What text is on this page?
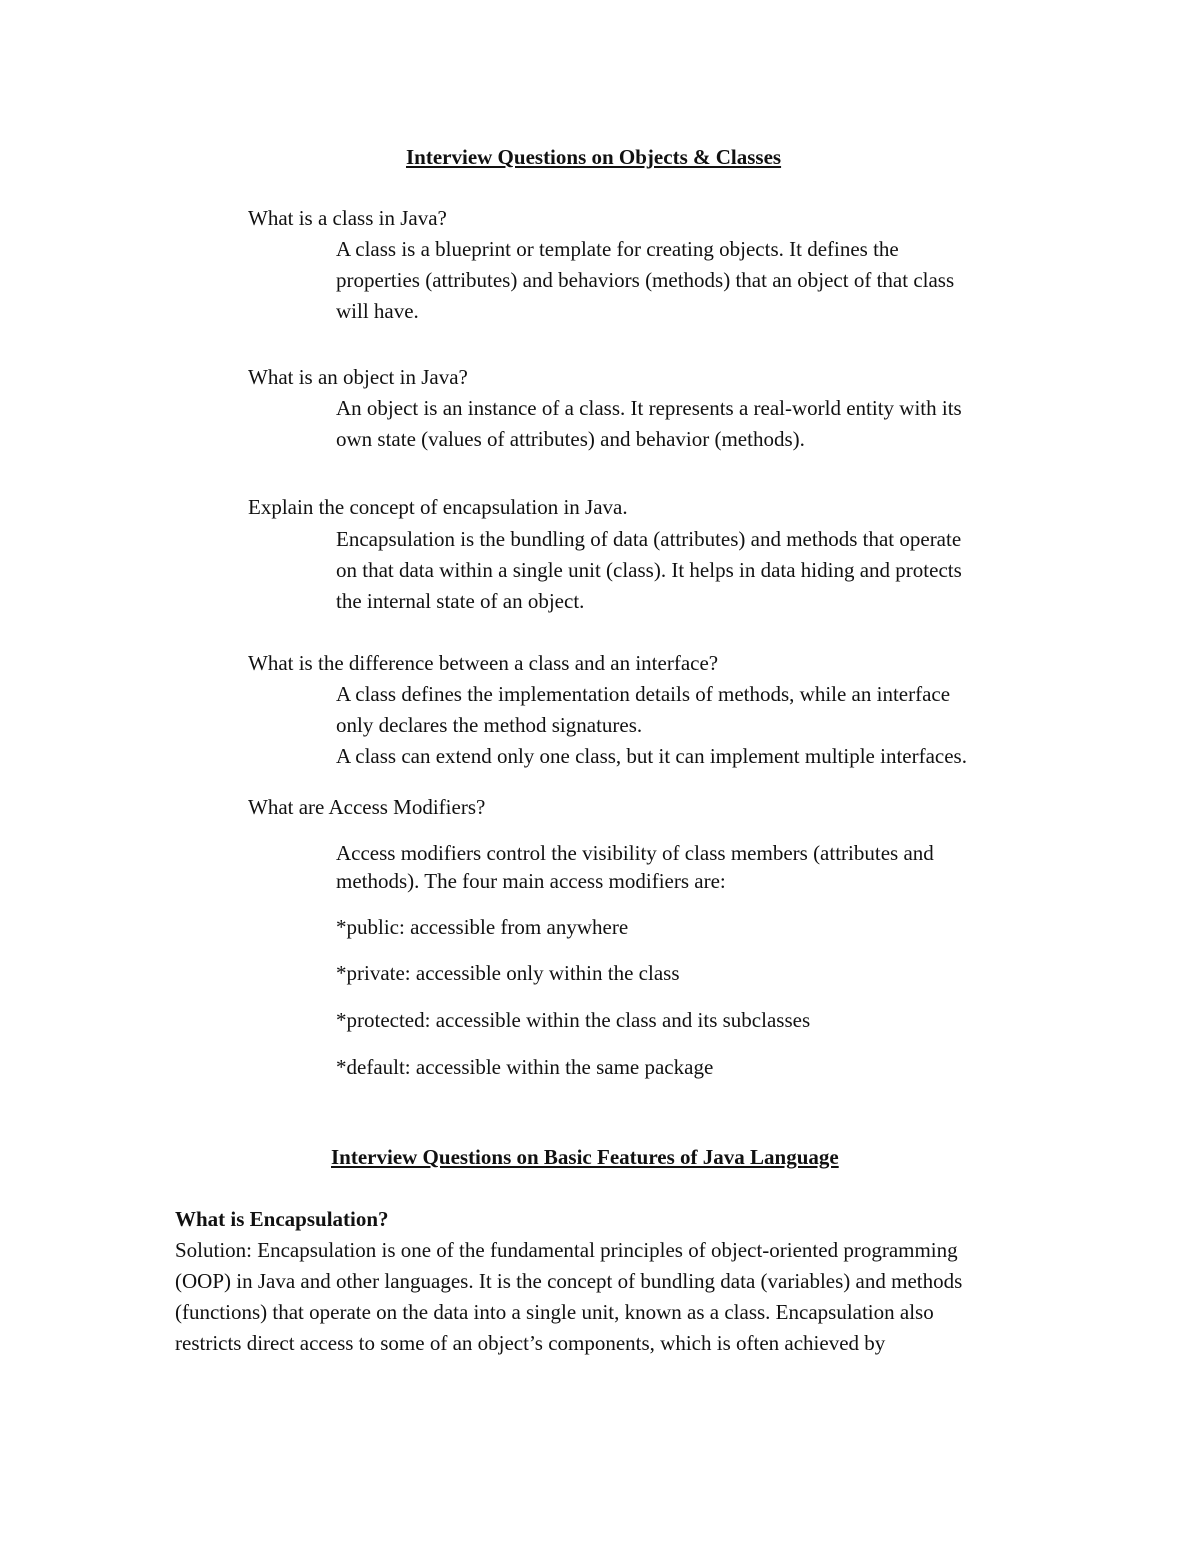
Interview Questions on Objects & Classes
What is a class in Java?
A class is a blueprint or template for creating objects. It defines the
properties (attributes) and behaviors (methods) that an object of that class
will have.
What is an object in Java?
An object is an instance of a class. It represents a real-world entity with its
own state (values of attributes) and behavior (methods).
Explain the concept of encapsulation in Java.
Encapsulation is the bundling of data (attributes) and methods that operate
on that data within a single unit (class). It helps in data hiding and protects
the internal state of an object.
What is the difference between a class and an interface?
A class defines the implementation details of methods, while an interface
only declares the method signatures.
A class can extend only one class, but it can implement multiple interfaces.
What are Access Modifiers?
Access modifiers control the visibility of class members (attributes and
methods). The four main access modifiers are:
*public: accessible from anywhere
*private: accessible only within the class
*protected: accessible within the class and its subclasses
*default: accessible within the same package
Interview Questions on Basic Features of Java Language
What is Encapsulation?
Solution: Encapsulation is one of the fundamental principles of object-oriented programming
(OOP) in Java and other languages. It is the concept of bundling data (variables) and methods
(functions) that operate on the data into a single unit, known as a class. Encapsulation also
restricts direct access to some of an object’s components, which is often achieved by
